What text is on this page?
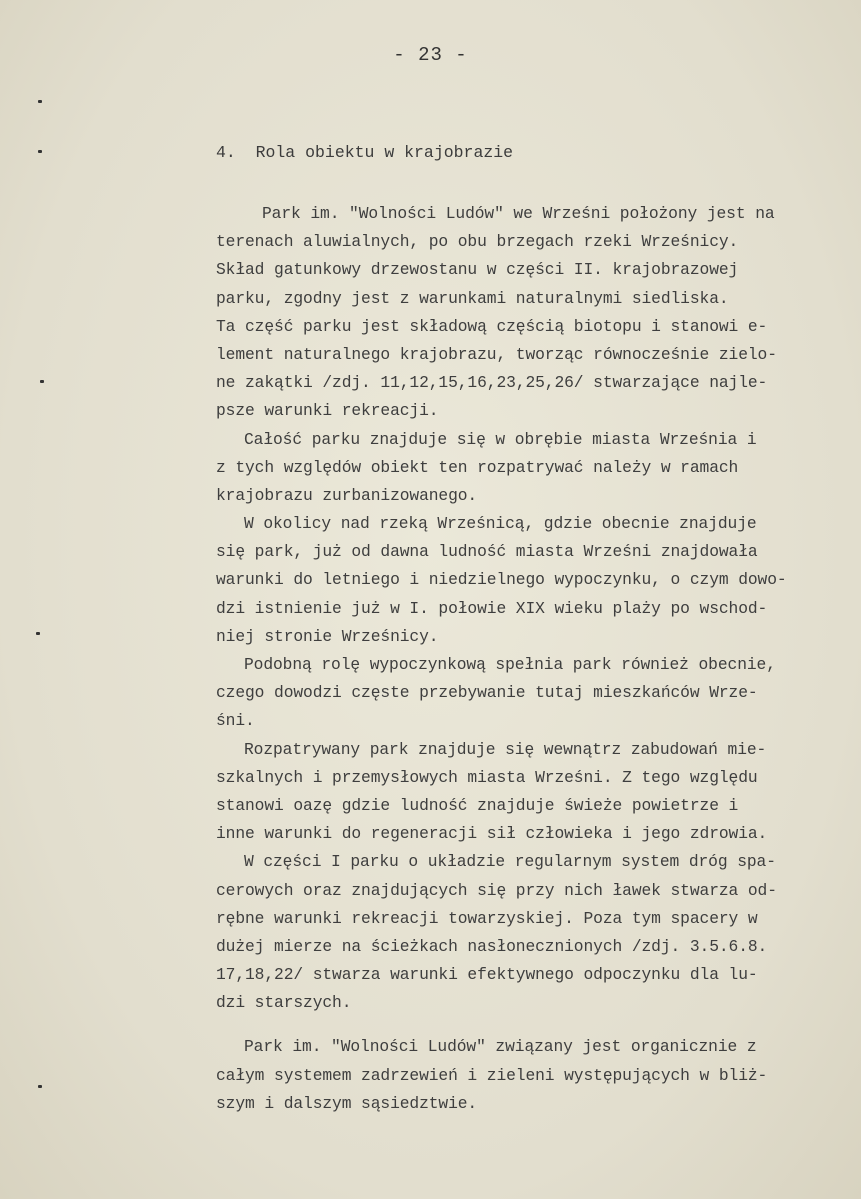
- 23 -
4.  Rola obiektu w krajobrazie
Park im. "Wolności Ludów" we Wrześni położony jest na
terenach aluwialnych, po obu brzegach rzeki Wrześnicy.
Skład gatunkowy drzewostanu w części II. krajobrazowej
parku, zgodny jest z warunkami naturalnymi siedliska.
Ta część parku jest składową częścią biotopu i stanowi e-
lement naturalnego krajobrazu, tworząc równocześnie zielo-
ne zakątki /zdj. 11,12,15,16,23,25,26/ stwarzające najle-
psze warunki rekreacji.
Całość parku znajduje się w obrębie miasta Września i
z tych względów obiekt ten rozpatrywać należy w ramach
krajobrazu zurbanizowanego.
W okolicy nad rzeką Wrześnicą, gdzie obecnie znajduje
się park, już od dawna ludność miasta Wrześni znajdowała
warunki do letniego i niedzielnego wypoczynku, o czym dowo-
dzi istnienie już w I. połowie XIX wieku plaży po wschod-
niej stronie Wrześnicy.
Podobną rolę wypoczynkową spełnia park również obecnie,
czego dowodzi częste przebywanie tutaj mieszkańców Wrze-
śni.
Rozpatrywany park znajduje się wewnątrz zabudowań mie-
szkalnych i przemysłowych miasta Wrześni. Z tego względu
stanowi oazę gdzie ludność znajduje świeże powietrze i
inne warunki do regeneracji sił człowieka i jego zdrowia.
W części I parku o układzie regularnym system dróg spa-
cerowych oraz znajdujących się przy nich ławek stwarza od-
rębne warunki rekreacji towarzyskiej. Poza tym spacery w
dużej mierze na ścieżkach nasłonecznionych /zdj. 3.5.6.8.
17,18,22/ stwarza warunki efektywnego odpoczynku dla lu-
dzi starszych.
Park im. "Wolności Ludów" związany jest organicznie z
całym systemem zadrzewień i zieleni występujących w bliż-
szym i dalszym sąsiedztwie.
